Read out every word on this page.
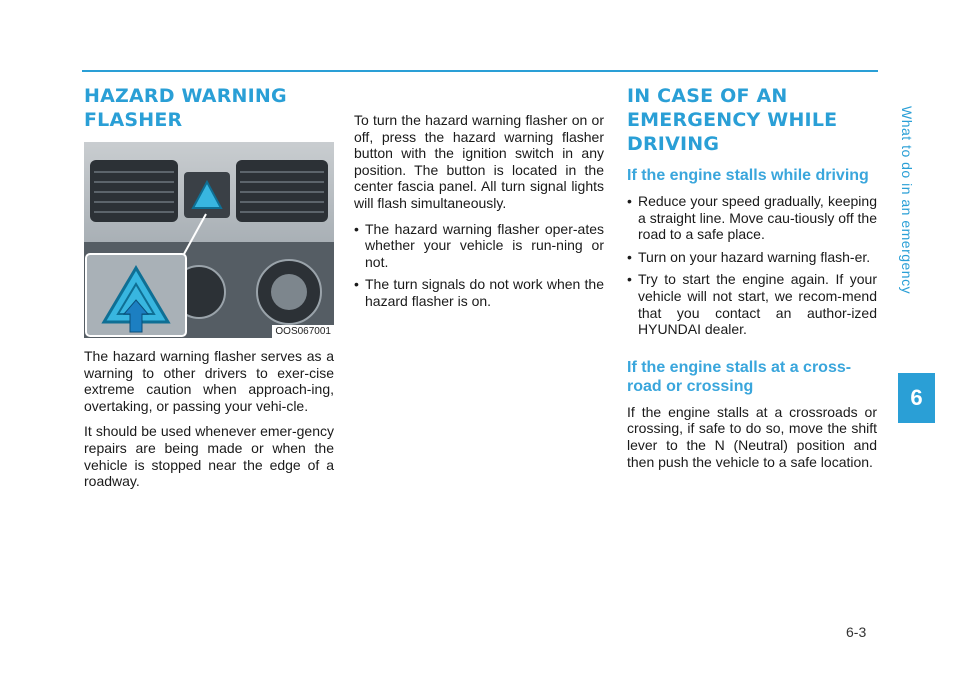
What to do in an emergency
6
HAZARD WARNING FLASHER
OOS067001

The hazard warning flasher serves as a warning to other drivers to exer-cise extreme caution when approach-ing, overtaking, or passing your vehi-cle.

It should be used whenever emer-gency repairs are being made or when the vehicle is stopped near the edge of a roadway.

To turn the hazard warning flasher on or off, press the hazard warning flasher button with the ignition switch in any position. The button is located in the center fascia panel. All turn signal lights will flash simultaneously.

• The hazard warning flasher oper-ates whether your vehicle is run-ning or not.
• The turn signals do not work when the hazard flasher is on.
IN CASE OF AN EMERGENCY WHILE DRIVING
If the engine stalls while driving
• Reduce your speed gradually, keeping a straight line. Move cau-tiously off the road to a safe place.
• Turn on your hazard warning flash-er.
• Try to start the engine again. If your vehicle will not start, we recom-mend that you contact an author-ized HYUNDAI dealer.
If the engine stalls at a cross-road or crossing

If the engine stalls at a crossroads or crossing, if safe to do so, move the shift lever to the N (Neutral) position and then push the vehicle to a safe location.

6-3
